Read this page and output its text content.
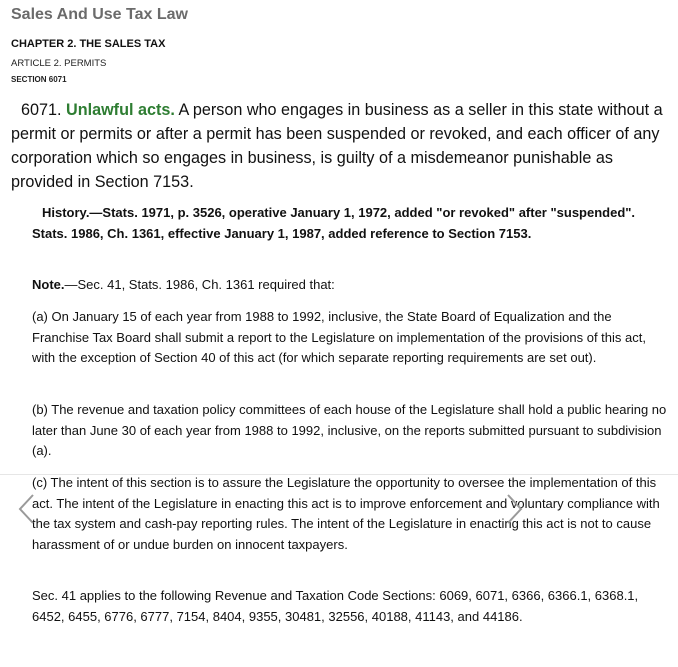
Sales And Use Tax Law
CHAPTER 2. THE SALES TAX
ARTICLE 2. PERMITS
SECTION 6071

6071. Unlawful acts. A person who engages in business as a seller in this state without a permit or permits or after a permit has been suspended or revoked, and each officer of any corporation which so engages in business, is guilty of a misdemeanor punishable as provided in Section 7153.

History.—Stats. 1971, p. 3526, operative January 1, 1972, added "or revoked" after "suspended". Stats. 1986, Ch. 1361, effective January 1, 1987, added reference to Section 7153.

Note.—Sec. 41, Stats. 1986, Ch. 1361 required that:

(a) On January 15 of each year from 1988 to 1992, inclusive, the State Board of Equalization and the Franchise Tax Board shall submit a report to the Legislature on implementation of the provisions of this act, with the exception of Section 40 of this act (for which separate reporting requirements are set out).

(b) The revenue and taxation policy committees of each house of the Legislature shall hold a public hearing no later than June 30 of each year from 1988 to 1992, inclusive, on the reports submitted pursuant to subdivision (a).

(c) The intent of this section is to assure the Legislature the opportunity to oversee the implementation of this act. The intent of the Legislature in enacting this act is to improve enforcement and voluntary compliance with the tax system and cash-pay reporting rules. The intent of the Legislature in enacting this act is not to cause harassment of or undue burden on innocent taxpayers.

Sec. 41 applies to the following Revenue and Taxation Code Sections: 6069, 6071, 6366, 6366.1, 6368.1, 6452, 6455, 6776, 6777, 7154, 8404, 9355, 30481, 32556, 40188, 41143, and 44186.
